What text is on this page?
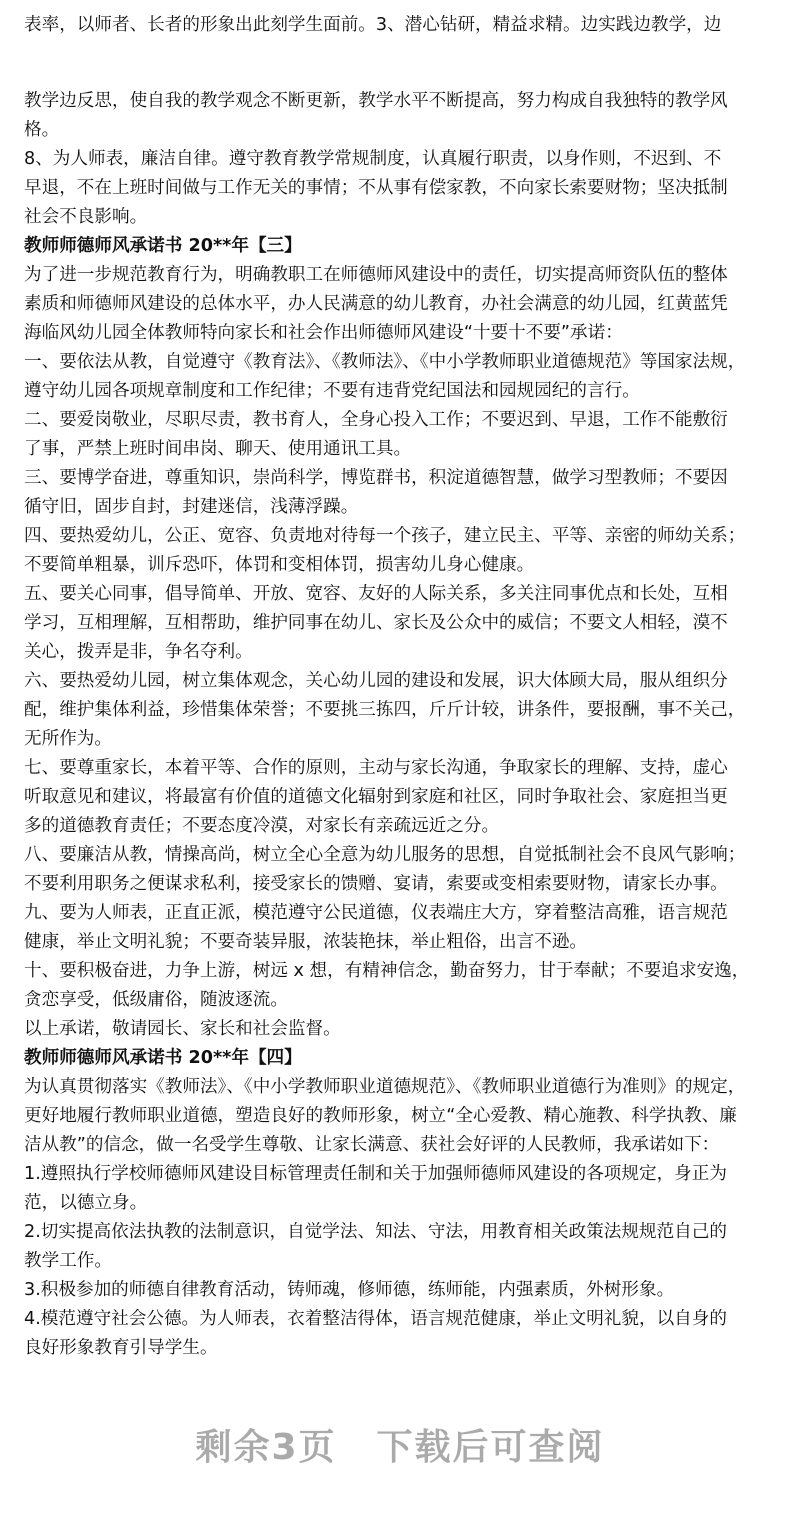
表率，以师者、长者的形象出此刻学生面前。3、潜心钻研，精益求精。边实践边教学，边
教学边反思，使自我的教学观念不断更新，教学水平不断提高，努力构成自我独特的教学风
格。
8、为人师表，廉洁自律。遵守教育教学常规制度，认真履行职责，以身作则，不迟到、不
早退，不在上班时间做与工作无关的事情；不从事有偿家教，不向家长索要财物；坚决抵制
社会不良影响。
教师师德师风承诺书 20**年【三】
为了进一步规范教育行为，明确教职工在师德师风建设中的责任，切实提高师资队伍的整体
素质和师德师风建设的总体水平，办人民满意的幼儿教育，办社会满意的幼儿园，红黄蓝凭
海临风幼儿园全体教师特向家长和社会作出师德师风建设“十要十不要”承诺：
一、要依法从教，自觉遵守《教育法》、《教师法》、《中小学教师职业道德规范》等国家法规，
遵守幼儿园各项规章制度和工作纪律；不要有违背党纪国法和园规园纪的言行。
二、要爱岗敬业，尽职尽责，教书育人，全身心投入工作；不要迟到、早退，工作不能敷衍
了事，严禁上班时间串岗、聊天、使用通讯工具。
三、要博学奋进，尊重知识，崇尚科学，博览群书，积淀道德智慧，做学习型教师；不要因
循守旧，固步自封，封建迷信，浅薄浮躁。
四、要热爱幼儿，公正、宽容、负责地对待每一个孩子，建立民主、平等、亲密的师幼关系；
不要简单粗暴，训斥恐吓，体罚和变相体罚，损害幼儿身心健康。
五、要关心同事，倡导简单、开放、宽容、友好的人际关系，多关注同事优点和长处，互相
学习，互相理解，互相帮助，维护同事在幼儿、家长及公众中的威信；不要文人相轻，漠不
关心，拨弄是非，争名夺利。
六、要热爱幼儿园，树立集体观念，关心幼儿园的建设和发展，识大体顾大局，服从组织分
配，维护集体利益，珍惜集体荣誉；不要挑三拣四，斤斤计较，讲条件，要报酬，事不关己，
无所作为。
七、要尊重家长，本着平等、合作的原则，主动与家长沟通，争取家长的理解、支持，虚心
听取意见和建议，将最富有价值的道德文化辐射到家庭和社区，同时争取社会、家庭担当更
多的道德教育责任；不要态度冷漠，对家长有亲疏远近之分。
八、要廉洁从教，情操高尚，树立全心全意为幼儿服务的思想，自觉抵制社会不良风气影响；
不要利用职务之便谋求私利，接受家长的馈赠、宴请，索要或变相索要财物，请家长办事。
九、要为人师表，正直正派，模范遵守公民道德，仪表端庄大方，穿着整洁高雅，语言规范
健康，举止文明礼貌；不要奇装异服，浓装艳抹，举止粗俗，出言不逊。
十、要积极奋进，力争上游，树远 x 想，有精神信念，勤奋努力，甘于奉献；不要追求安逸，
贪恋享受，低级庸俗，随波逐流。
以上承诺，敬请园长、家长和社会监督。
教师师德师风承诺书 20**年【四】
为认真贯彻落实《教师法》、《中小学教师职业道德规范》、《教师职业道德行为准则》的规定，
更好地履行教师职业道德，塑造良好的教师形象，树立“全心爱教、精心施教、科学执教、廉
洁从教”的信念，做一名受学生尊敬、让家长满意、获社会好评的人民教师，我承诺如下：
1.遵照执行学校师德师风建设目标管理责任制和关于加强师德师风建设的各项规定，身正为
范，以德立身。
2.切实提高依法执教的法制意识，自觉学法、知法、守法，用教育相关政策法规规范自己的
教学工作。
3.积极参加的师德自律教育活动，铸师魂，修师德，练师能，内强素质，外树形象。
4.模范遵守社会公德。为人师表，衣着整洁得体，语言规范健康，举止文明礼貌，以自身的
良好形象教育引导学生。
剩余3页 下载后可查阅
